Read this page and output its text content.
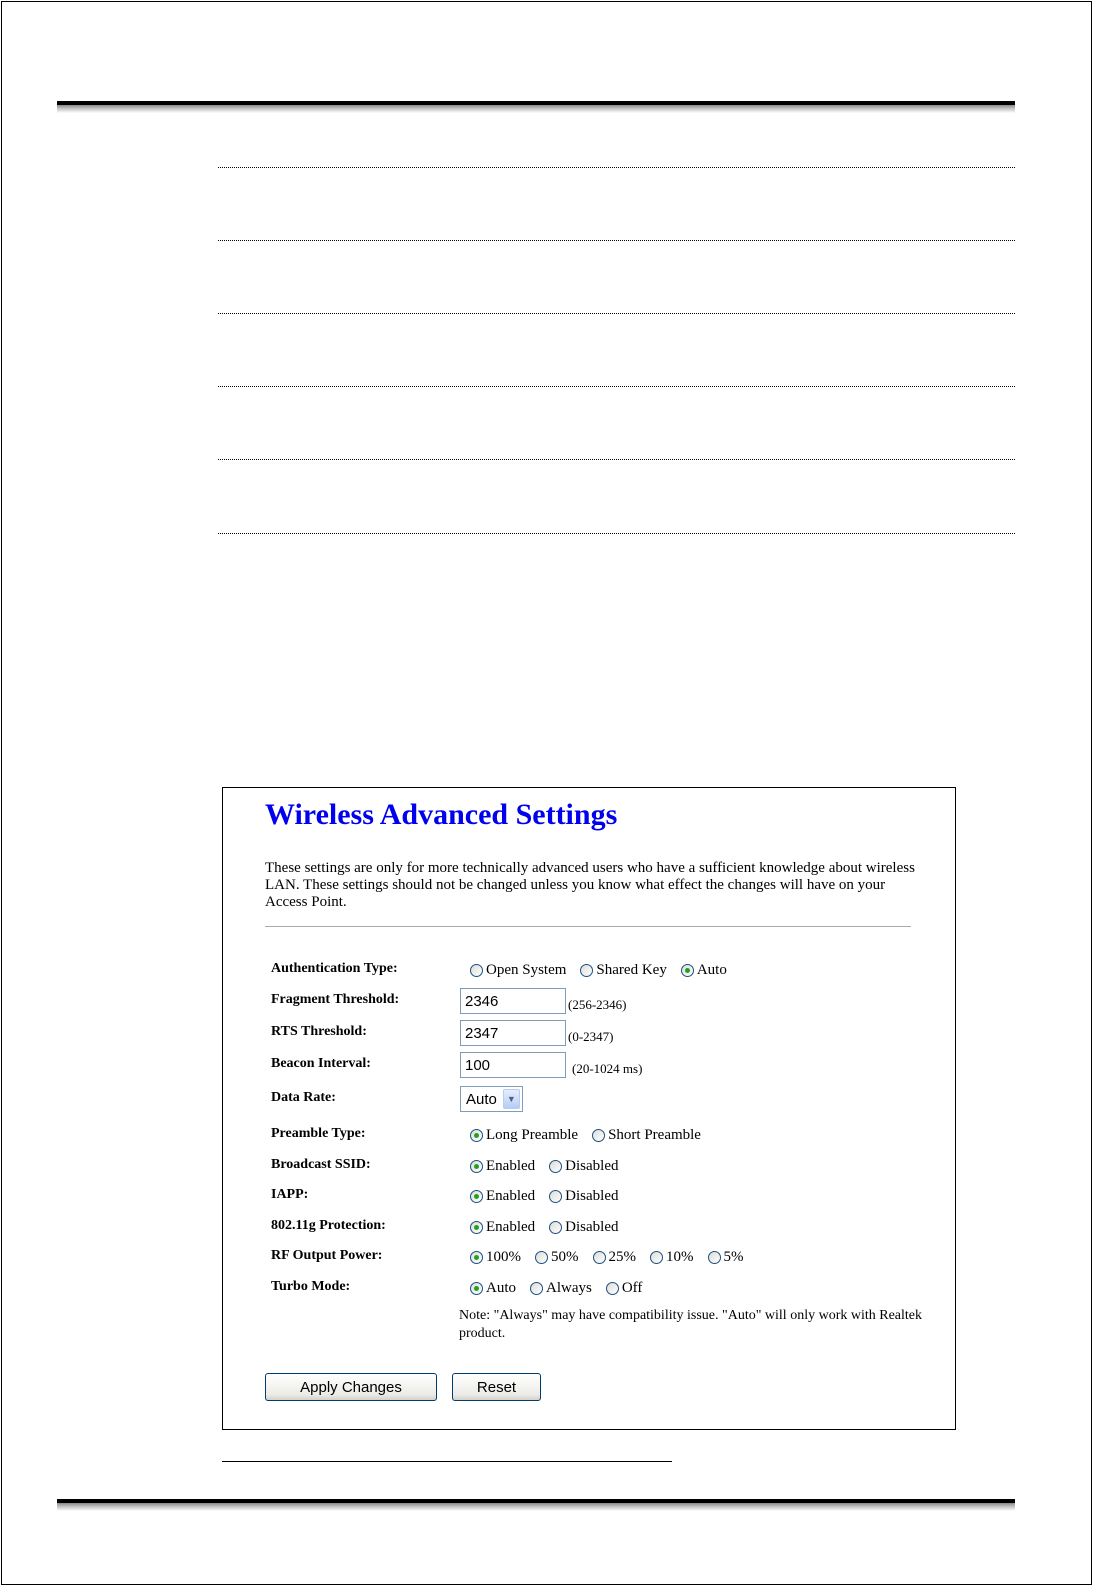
Wireless Advanced Settings

These settings are only for more technically advanced users who have a sufficient knowledge about wireless LAN. These settings should not be changed unless you know what effect the changes will have on your Access Point.

Authentication Type:	Open System Shared Key Auto
Fragment Threshold:
2346	(256-2346)
RTS Threshold:
2347	(0-2347)
Beacon Interval:
100	(20-1024 ms)
Data Rate:	Auto	▼
Preamble Type:	Long Preamble Short Preamble
Broadcast SSID:	Enabled Disabled
IAPP:	Enabled Disabled
802.11g Protection:	Enabled Disabled
RF Output Power:	100% 50% 25% 10% 5%
Turbo Mode:	Auto Always Off

Note: "Always" may have compatibility issue. "Auto" will only work with Realtek product.

Apply Changes	Reset
